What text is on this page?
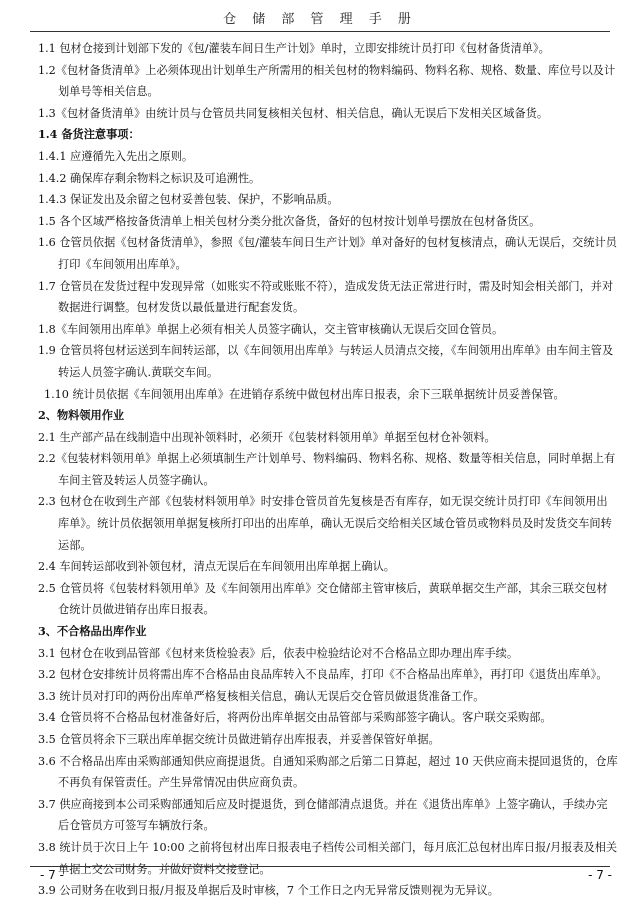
仓 储 部 管 理 手 册

1.1 包材仓接到计划部下发的《包/灌装车间日生产计划》单时，立即安排统计员打印《包材备货清单》。

1.2《包材备货清单》上必须体现出计划单生产所需用的相关包材的物料编码、物料名称、规格、数量、库位号以及计划单号等相关信息。

1.3《包材备货清单》由统计员与仓管员共同复核相关包材、相关信息，确认无误后下发相关区域备货。

1.4 备货注意事项：

1.4.1 应遵循先入先出之原则。

1.4.2 确保库存剩余物料之标识及可追溯性。

1.4.3 保证发出及余留之包材妥善包装、保护，不影响品质。

1.5 各个区域严格按备货清单上相关包材分类分批次备货，备好的包材按计划单号摆放在包材备货区。

1.6 仓管员依据《包材备货清单》，参照《包/灌装车间日生产计划》单对备好的包材复核清点，确认无误后，交统计员打印《车间领用出库单》。

1.7 仓管员在发货过程中发现异常（如账实不符或账账不符），造成发货无法正常进行时，需及时知会相关部门，并对数据进行调整。包材发货以最低量进行配套发货。

1.8《车间领用出库单》单据上必须有相关人员签字确认，交主管审核确认无误后交回仓管员。

1.9 仓管员将包材运送到车间转运部，以《车间领用出库单》与转运人员清点交接，《车间领用出库单》由车间主管及转运人员签字确认.黄联交车间。

1.10 统计员依据《车间领用出库单》在进销存系统中做包材出库日报表，余下三联单据统计员妥善保管。

2、物料领用作业

2.1 生产部产品在线制造中出现补领料时，必须开《包装材料领用单》单据至包材仓补领料。

2.2《包装材料领用单》单据上必须填制生产计划单号、物料编码、物料名称、规格、数量等相关信息，同时单据上有车间主管及转运人员签字确认。

2.3 包材仓在收到生产部《包装材料领用单》时安排仓管员首先复核是否有库存，如无误交统计员打印《车间领用出库单》。统计员依据领用单据复核所打印出的出库单，确认无误后交给相关区域仓管员或物料员及时发货交车间转运部。

2.4 车间转运部收到补领包材，清点无误后在车间领用出库单据上确认。

2.5 仓管员将《包装材料领用单》及《车间领用出库单》交仓储部主管审核后，黄联单据交生产部，其余三联交包材仓统计员做进销存出库日报表。

3、不合格品出库作业

3.1 包材仓在收到品管部《包材来货检验表》后，依表中检验结论对不合格品立即办理出库手续。

3.2 包材仓安排统计员将需出库不合格品由良品库转入不良品库，打印《不合格品出库单》，再打印《退货出库单》。

3.3 统计员对打印的两份出库单严格复核相关信息，确认无误后交仓管员做退货准备工作。

3.4 仓管员将不合格品包材准备好后，将两份出库单据交由品管部与采购部签字确认。客户联交采购部。

3.5 仓管员将余下三联出库单据交统计员做进销存出库报表，并妥善保管好单据。

3.6 不合格品出库由采购部通知供应商提退货。自通知采购部之后第二日算起，超过 10 天供应商未提回退货的，仓库不再负有保管责任。产生异常情况由供应商负责。

3.7 供应商接到本公司采购部通知后应及时提退货，到仓储部清点退货。并在《退货出库单》上签字确认，手续办完后仓管员方可签写车辆放行条。

3.8 统计员于次日上午 10:00 之前将包材出库日报表电子档传公司相关部门，每月底汇总包材出库日报/月报表及相关单据上交公司财务。并做好资料交接登记。

3.9 公司财务在收到日报/月报及单据后及时审核，7 个工作日之内无异常反馈则视为无异议。

- 7 -	- 7 -
